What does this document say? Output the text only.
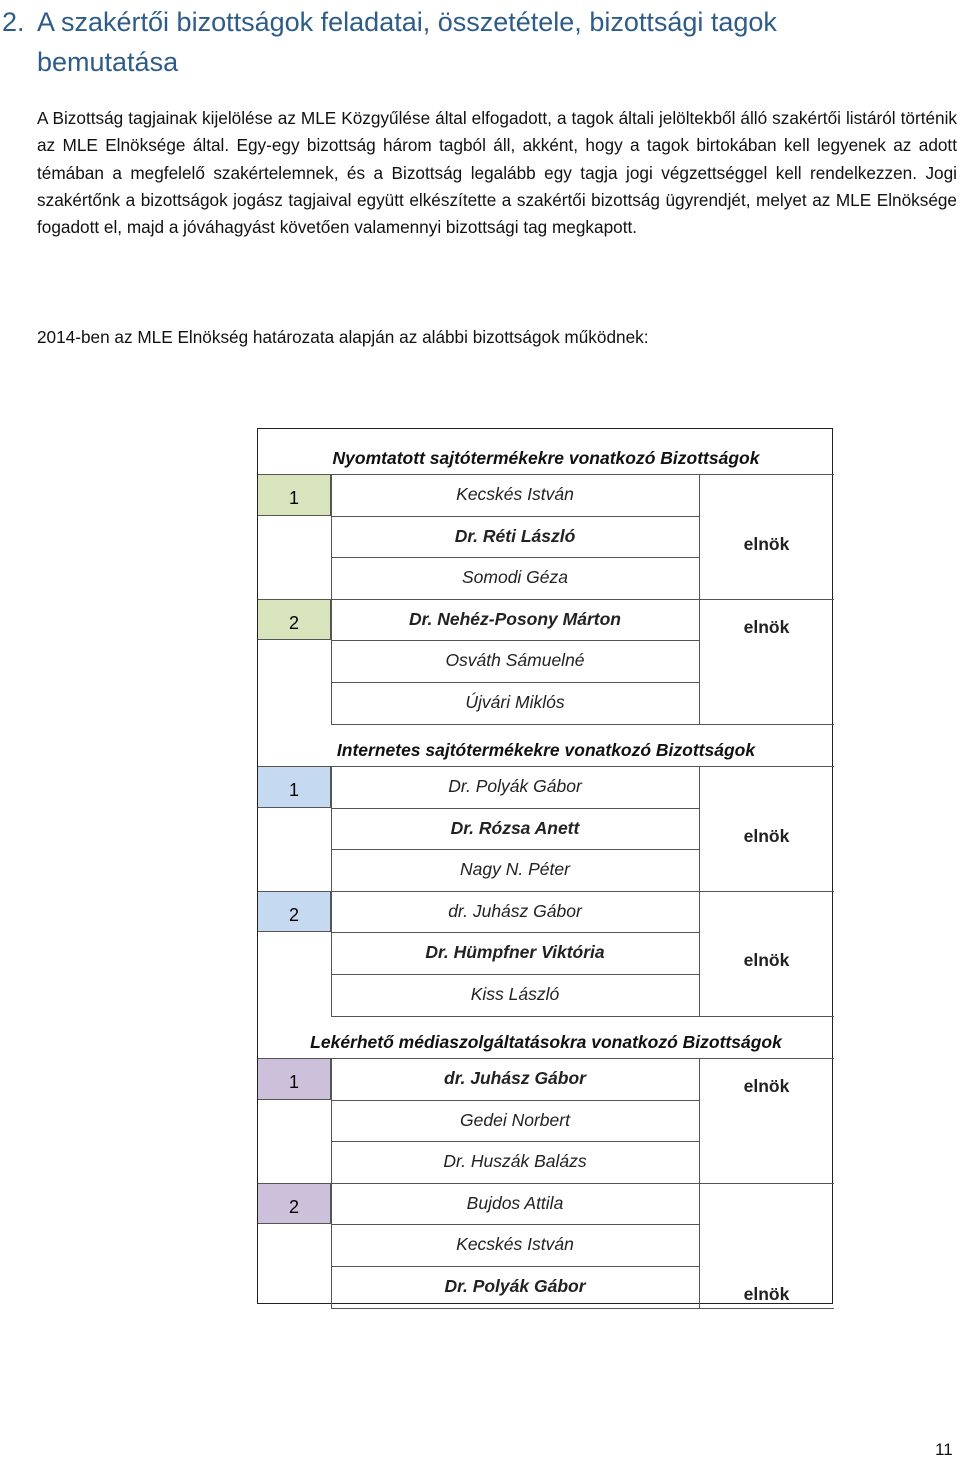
2. A szakértői bizottságok feladatai, összetétele, bizottsági tagok bemutatása
A Bizottság tagjainak kijelölése az MLE Közgyűlése által elfogadott, a tagok általi jelöltekből álló szakértői listáról történik az MLE Elnöksége által. Egy-egy bizottság három tagból áll, akként, hogy a tagok birtokában kell legyenek az adott témában a megfelelő szakértelemnek, és a Bizottság legalább egy tagja jogi végzettséggel kell rendelkezzen. Jogi szakértőnk a bizottságok jogász tagjaival együtt elkészítette a szakértői bizottság ügyrendjét, melyet az MLE Elnöksége fogadott el, majd a jóváhagyást követően valamennyi bizottsági tag megkapott.
2014-ben az MLE Elnökség határozata alapján az alábbi bizottságok működnek:
Nyomtatott sajtótermékekre vonatkozó Bizottságok
1	Kecskés István
Dr. Réti László	elnök
Somodi Géza
2	Dr. Nehéz-Posony Márton	elnök
Osváth Sámuelné
Újvári Miklós
Internetes sajtótermékekre vonatkozó Bizottságok
1	Dr. Polyák Gábor
Dr. Rózsa Anett	elnök
Nagy N. Péter
2	dr. Juhász Gábor
Dr. Hümpfner Viktória	elnök
Kiss László
Lekérhető médiaszolgáltatásokra vonatkozó Bizottságok
1	dr. Juhász Gábor	elnök
Gedei Norbert
Dr. Huszák Balázs
2	Bujdos Attila
Kecskés István
Dr. Polyák Gábor	elnök
11
